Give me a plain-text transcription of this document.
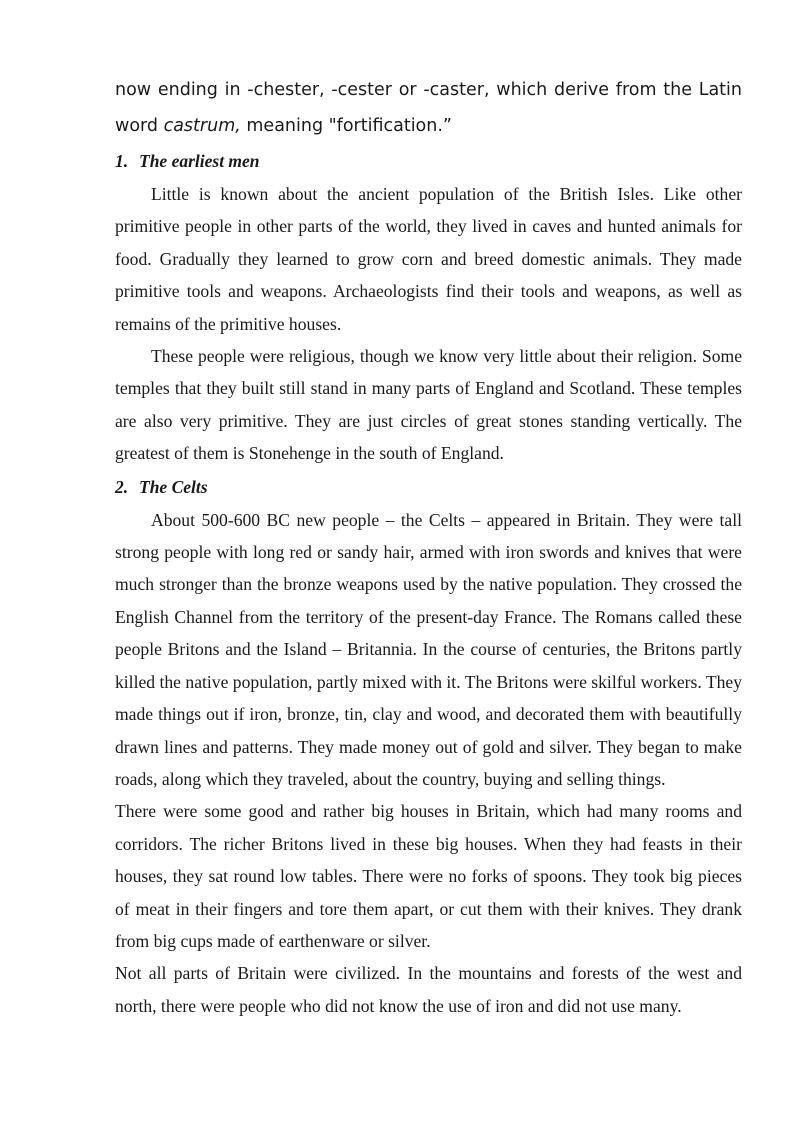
now ending in -chester, -cester or -caster, which derive from the Latin word castrum, meaning "fortification.”

1. The earliest men

Little is known about the ancient population of the British Isles. Like other primitive people in other parts of the world, they lived in caves and hunted animals for food. Gradually they learned to grow corn and breed domestic animals. They made primitive tools and weapons. Archaeologists find their tools and weapons, as well as remains of the primitive houses.

These people were religious, though we know very little about their religion. Some temples that they built still stand in many parts of England and Scotland. These temples are also very primitive. They are just circles of great stones standing vertically. The greatest of them is Stonehenge in the south of England.

2. The Celts

About 500-600 BC new people – the Celts – appeared in Britain. They were tall strong people with long red or sandy hair, armed with iron swords and knives that were much stronger than the bronze weapons used by the native population. They crossed the English Channel from the territory of the present-day France. The Romans called these people Britons and the Island – Britannia. In the course of centuries, the Britons partly killed the native population, partly mixed with it. The Britons were skilful workers. They made things out if iron, bronze, tin, clay and wood, and decorated them with beautifully drawn lines and patterns. They made money out of gold and silver. They began to make roads, along which they traveled, about the country, buying and selling things.

There were some good and rather big houses in Britain, which had many rooms and corridors. The richer Britons lived in these big houses. When they had feasts in their houses, they sat round low tables. There were no forks of spoons. They took big pieces of meat in their fingers and tore them apart, or cut them with their knives. They drank from big cups made of earthenware or silver.

Not all parts of Britain were civilized. In the mountains and forests of the west and north, there were people who did not know the use of iron and did not use many.
